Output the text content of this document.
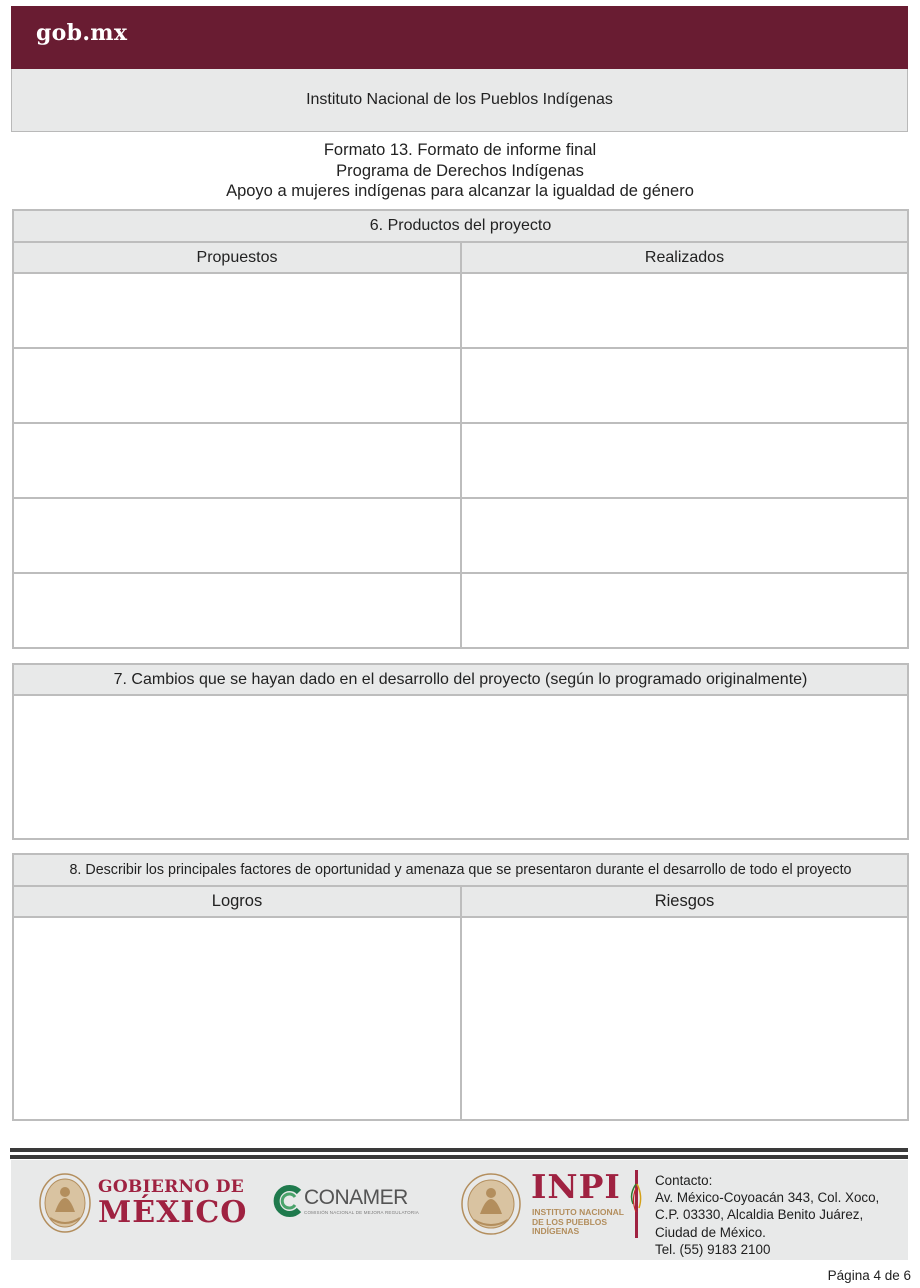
gob.mx
Instituto Nacional de los Pueblos Indígenas
Formato 13. Formato de informe final
Programa de Derechos Indígenas
Apoyo a mujeres indígenas para alcanzar la igualdad de género
6. Productos del proyecto
Propuestos	Realizados
7. Cambios que se hayan dado en el desarrollo del proyecto (según lo programado originalmente)
8. Describir los principales factores de oportunidad y amenaza que se presentaron durante el desarrollo de todo el proyecto
Logros	Riesgos
GOBIERNO DE
MÉXICO	CONAMER
COMISIÓN NACIONAL DE MEJORA REGULATORIA
INPI
INSTITUTO NACIONAL
DE LOS PUEBLOS
INDÍGENAS
Contacto:
Av. México-Coyoacán 343, Col. Xoco,
C.P. 03330, Alcaldia Benito Juárez,
Ciudad de México.
Tel. (55) 9183 2100
Página 4 de 6
